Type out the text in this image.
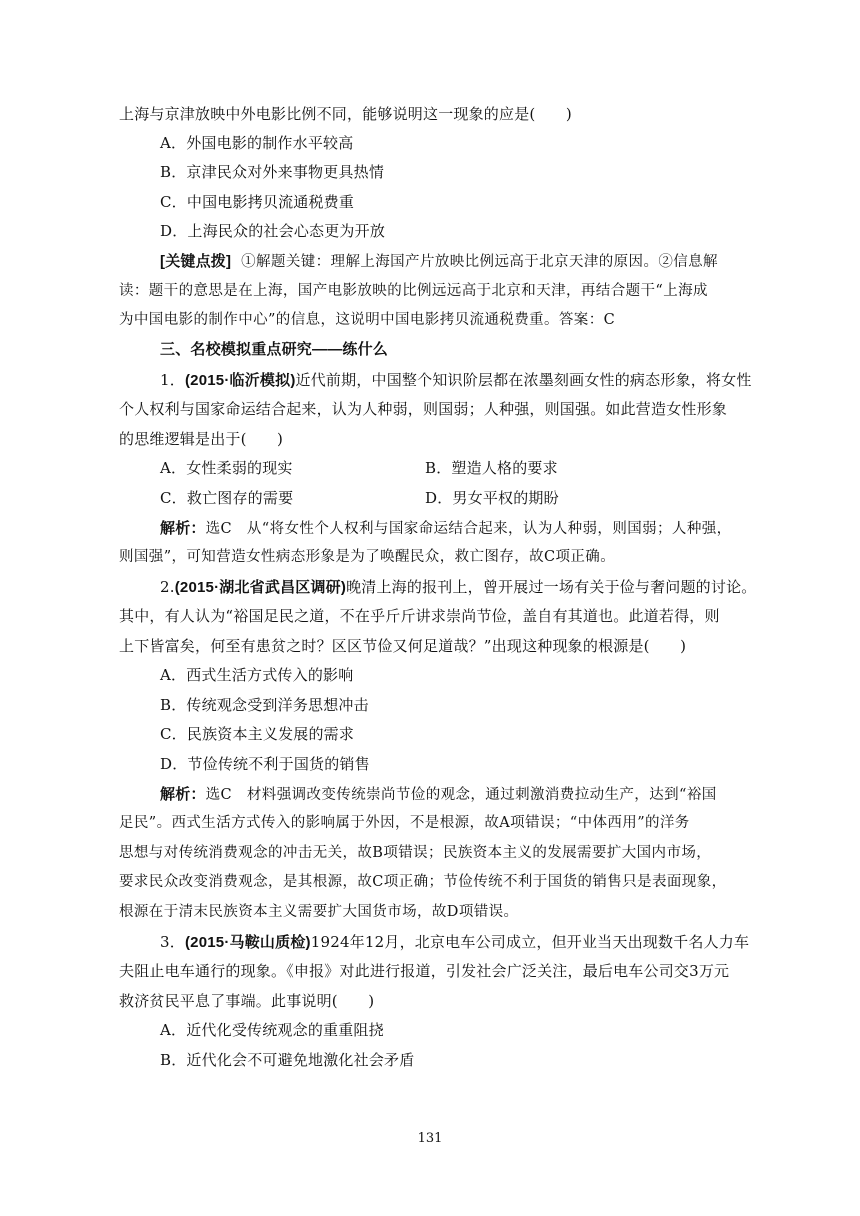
上海与京津放映中外电影比例不同，能够说明这一现象的应是(　　)
A．外国电影的制作水平较高
B．京津民众对外来事物更具热情
C．中国电影拷贝流通税费重
D．上海民众的社会心态更为开放
[关键点拨] ①解题关键：理解上海国产片放映比例远高于北京天津的原因。②信息解
读：题干的意思是在上海，国产电影放映的比例远远高于北京和天津，再结合题干“上海成
为中国电影的制作中心”的信息，这说明中国电影拷贝流通税费重。答案：C
三、名校模拟重点研究——练什么
1．(2015·临沂模拟)近代前期，中国整个知识阶层都在浓墨刻画女性的病态形象，将女性
个人权利与国家命运结合起来，认为人种弱，则国弱；人种强，则国强。如此营造女性形象
的思维逻辑是出于(　　)
A．女性柔弱的现实	B．塑造人格的要求
C．救亡图存的需要	D．男女平权的期盼
解析：选C　从“将女性个人权利与国家命运结合起来，认为人种弱，则国弱；人种强，
则国强”，可知营造女性病态形象是为了唤醒民众，救亡图存，故C项正确。
2.(2015·湖北省武昌区调研)晚清上海的报刊上，曾开展过一场有关于俭与奢问题的讨论。
其中，有人认为“裕国足民之道，不在乎斤斤讲求崇尚节俭，盖自有其道也。此道若得，则
上下皆富矣，何至有患贫之时？区区节俭又何足道哉？”出现这种现象的根源是(　　)
A．西式生活方式传入的影响
B．传统观念受到洋务思想冲击
C．民族资本主义发展的需求
D．节俭传统不利于国货的销售
解析：选C　材料强调改变传统崇尚节俭的观念，通过刺激消费拉动生产，达到“裕国
足民”。西式生活方式传入的影响属于外因，不是根源，故A项错误；“中体西用”的洋务
思想与对传统消费观念的冲击无关，故B项错误；民族资本主义的发展需要扩大国内市场，
要求民众改变消费观念，是其根源，故C项正确；节俭传统不利于国货的销售只是表面现象，
根源在于清末民族资本主义需要扩大国货市场，故D项错误。
3．(2015·马鞍山质检)1924年12月，北京电车公司成立，但开业当天出现数千名人力车
夫阻止电车通行的现象。《申报》对此进行报道，引发社会广泛关注，最后电车公司交3万元
救济贫民平息了事端。此事说明(　　)
A．近代化受传统观念的重重阻挠
B．近代化会不可避免地激化社会矛盾
131
